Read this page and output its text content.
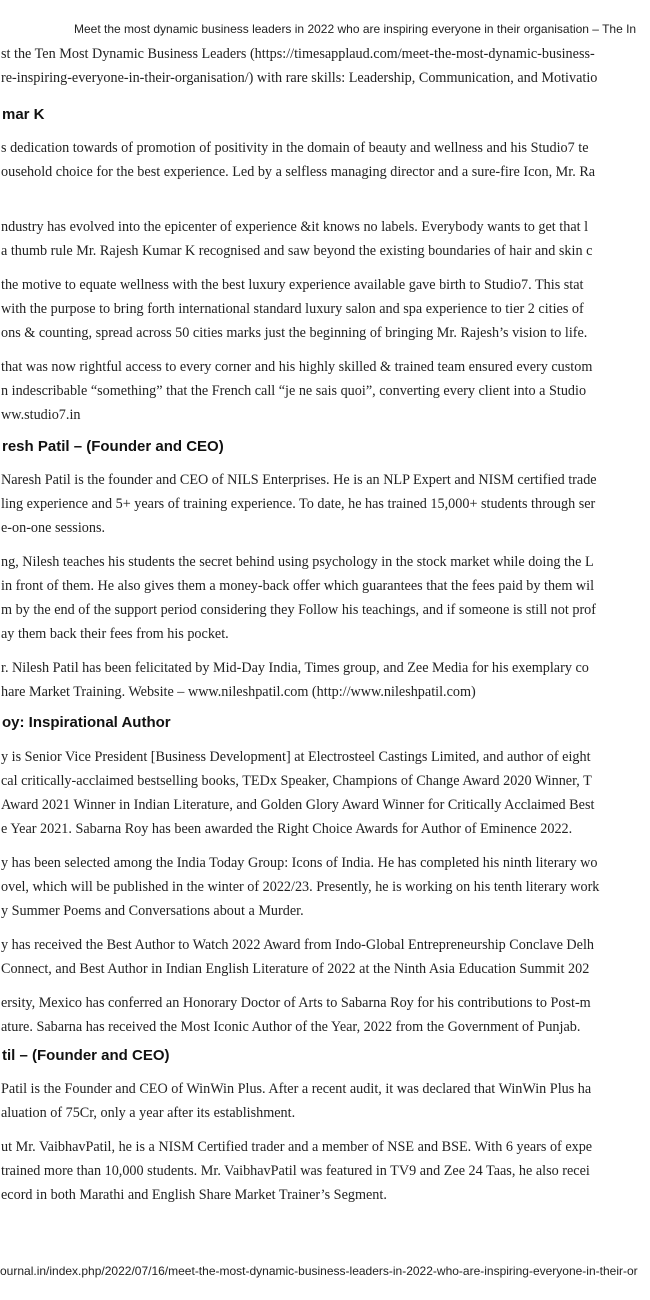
Meet the most dynamic business leaders in 2022 who are inspiring everyone in their organisation – The In
st the Ten Most Dynamic Business Leaders (https://timesapplaud.com/meet-the-most-dynamic-business-
re-inspiring-everyone-in-their-organisation/) with rare skills: Leadership, Communication, and Motivatio
mar K
s dedication towards of promotion of positivity in the domain of beauty and wellness and his Studio7 te
ousehold choice for the best experience. Led by a selfless managing director and a sure-fire Icon, Mr. Ra
ndustry has evolved into the epicenter of experience &it knows no labels. Everybody wants to get that l
a thumb rule Mr. Rajesh Kumar K recognised and saw beyond the existing boundaries of hair and skin c
the motive to equate wellness with the best luxury experience available gave birth to Studio7. This stat
with the purpose to bring forth international standard luxury salon and spa experience to tier 2 cities of
ons & counting, spread across 50 cities marks just the beginning of bringing Mr. Rajesh’s vision to life.
that was now rightful access to every corner and his highly skilled & trained team ensured every custom
n indescribable “something” that the French call “je ne sais quoi”, converting every client into a Studio
ww.studio7.in
resh Patil – (Founder and CEO)
Naresh Patil is the founder and CEO of NILS Enterprises. He is an NLP Expert and NISM certified trade
ling experience and 5+ years of training experience. To date, he has trained 15,000+ students through ser
e-on-one sessions.
ng, Nilesh teaches his students the secret behind using psychology in the stock market while doing the L
in front of them. He also gives them a money-back offer which guarantees that the fees paid by them wil
m by the end of the support period considering they Follow his teachings, and if someone is still not prof
ay them back their fees from his pocket.
r. Nilesh Patil has been felicitated by Mid-Day India, Times group, and Zee Media for his exemplary co
hare Market Training. Website – www.nileshpatil.com (http://www.nileshpatil.com)
oy: Inspirational Author
y is Senior Vice President [Business Development] at Electrosteel Castings Limited, and author of eight
cal critically-acclaimed bestselling books, TEDx Speaker, Champions of Change Award 2020 Winner, T
Award 2021 Winner in Indian Literature, and Golden Glory Award Winner for Critically Acclaimed Best
e Year 2021. Sabarna Roy has been awarded the Right Choice Awards for Author of Eminence 2022.
y has been selected among the India Today Group: Icons of India. He has completed his ninth literary wo
ovel, which will be published in the winter of 2022/23. Presently, he is working on his tenth literary work
y Summer Poems and Conversations about a Murder.
y has received the Best Author to Watch 2022 Award from Indo-Global Entrepreneurship Conclave Delh
Connect, and Best Author in Indian English Literature of 2022 at the Ninth Asia Education Summit 202
ersity, Mexico has conferred an Honorary Doctor of Arts to Sabarna Roy for his contributions to Post-m
ature. Sabarna has received the Most Iconic Author of the Year, 2022 from the Government of Punjab.
til – (Founder and CEO)
Patil is the Founder and CEO of WinWin Plus. After a recent audit, it was declared that WinWin Plus ha
aluation of 75Cr, only a year after its establishment.
ut Mr. VaibhavPatil, he is a NISM Certified trader and a member of NSE and BSE. With 6 years of expe
trained more than 10,000 students. Mr. VaibhavPatil was featured in TV9 and Zee 24 Taas, he also recei
ecord in both Marathi and English Share Market Trainer’s Segment.
ournal.in/index.php/2022/07/16/meet-the-most-dynamic-business-leaders-in-2022-who-are-inspiring-everyone-in-their-or
